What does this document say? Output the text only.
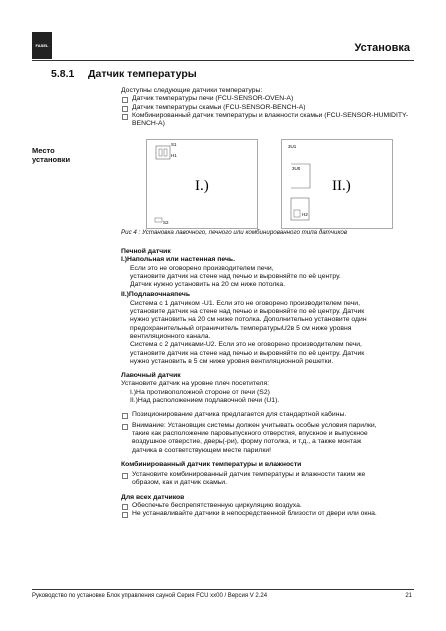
FASEL	Установка
5.8.1 Датчик температуры
Место установки

Доступны следующие датчики температуры:

Датчик температуры печи (FCU-SENSOR-OVEN-A)

Датчик температуры скамьи (FCU-SENSOR-BENCH-A)

Комбинированный датчик температуры и влажности скамьи (FCU-SENSOR-HUMIDITY-BENCH-A)

I.)
S1
H1
S2
II.)
3U1
3U0
H2
Рис 4 : Установка лавочного, печного или комбинированного типа датчиков

Печной датчик

I.)Напольная или настенная печь.

Если это не оговорено производителем печи,

установите датчик на стене над печью и выровняйте по её центру.

Датчик нужно установить на 20 см ниже потолка.

II.)Подлавочнаяпечь

Система с 1 датчиком -U1. Если это не оговорено производителем печи,

установите датчик на стене над печью и выровняйте по её центру. Датчик

нужно установить на 20 см ниже потолка. Дополнительно установите один

предохранительный ограничитель температурыU2в 5 см ниже уровня

вентиляционного канала.

Система с 2 датчиками-U2. Если это не оговорено производителем печи,

установите датчик на стене над печью и выровняйте по её центру. Датчик

нужно установить в 5 см ниже уровня вентиляционной решетки.

Лавочный датчик

Установите датчик на уровне плеч посетителя:

I.)На противоположной стороне от печи (S2)

II.)Над расположением подлавочной печи (U1).

Позиционирование датчика предлагается для стандартной кабины.

Внимание: Установщик системы должен учитывать особые условия парилки,

такие как расположение паровыпускного отверстия, впускное и выпускное

воздушное отверстие, дверь(-ри), форму потолка, и т.д., а также монтаж

датчика в соответствующем месте парилки!

Комбинированный датчик температуры и влажности

Установите комбинированный датчик температуры и влажности таким же

образом, как и датчик скамьи.

Для всех датчиков

Обеспечьте беспрепятственную циркуляцию воздуха.

Не устанавливайте датчики в непосредственной близости от двери или окна.

Руководство по установке Блок управления сауной Серия FCU xx00 / Версия V 2.24	21
